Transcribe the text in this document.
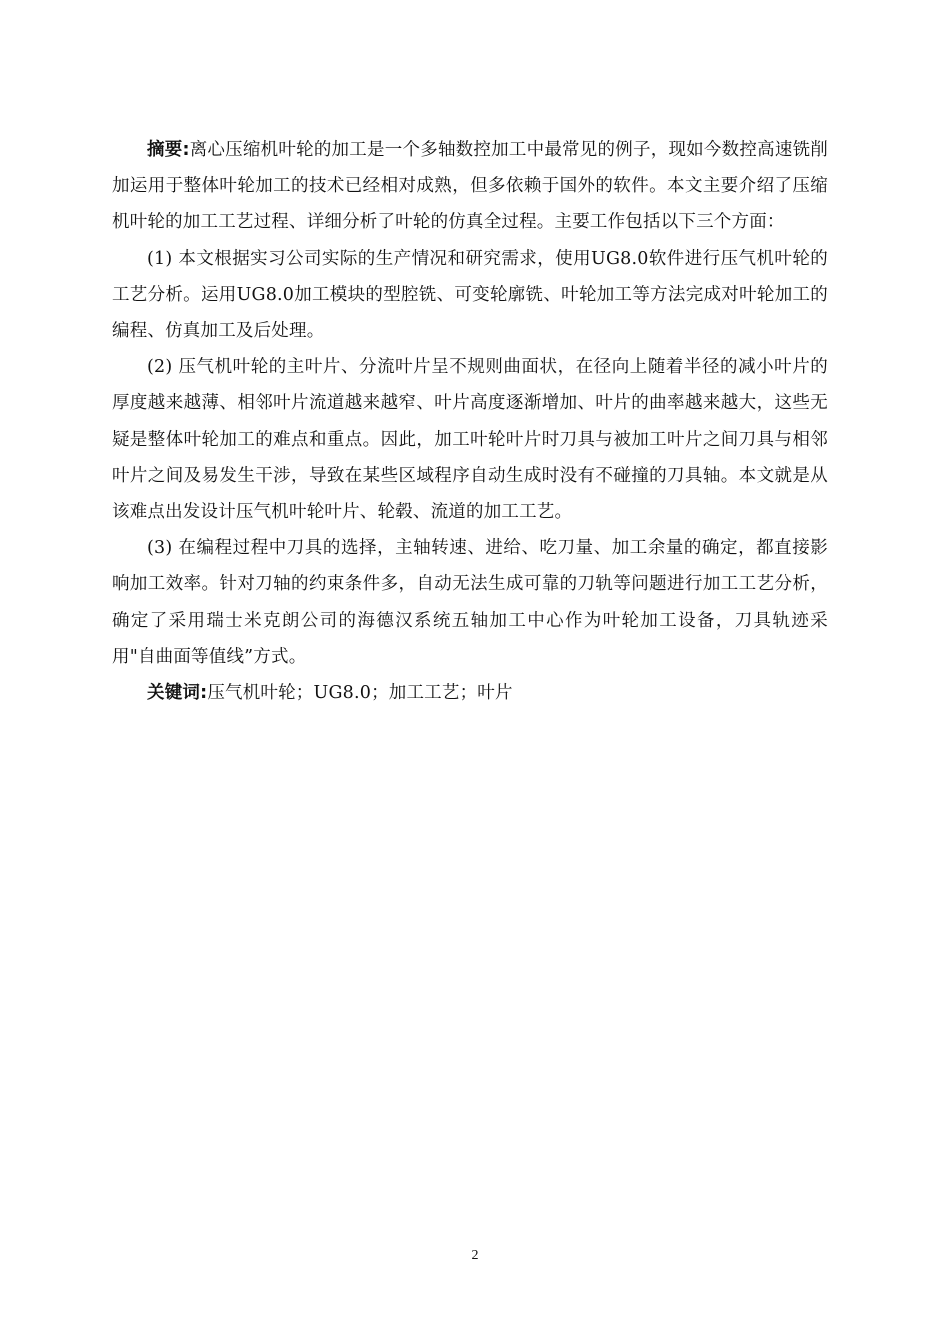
摘要:离心压缩机叶轮的加工是一个多轴数控加工中最常见的例子，现如今数控高速铣削加运用于整体叶轮加工的技术已经相对成熟，但多依赖于国外的软件。本文主要介绍了压缩机叶轮的加工工艺过程、详细分析了叶轮的仿真全过程。主要工作包括以下三个方面：

(1) 本文根据实习公司实际的生产情况和研究需求，使用UG8.0软件进行压气机叶轮的工艺分析。运用UG8.0加工模块的型腔铣、可变轮廓铣、叶轮加工等方法完成对叶轮加工的编程、仿真加工及后处理。

(2) 压气机叶轮的主叶片、分流叶片呈不规则曲面状，在径向上随着半径的减小叶片的厚度越来越薄、相邻叶片流道越来越窄、叶片高度逐渐增加、叶片的曲率越来越大，这些无疑是整体叶轮加工的难点和重点。因此，加工叶轮叶片时刀具与被加工叶片之间刀具与相邻叶片之间及易发生干涉，导致在某些区域程序自动生成时没有不碰撞的刀具轴。本文就是从该难点出发设计压气机叶轮叶片、轮毂、流道的加工工艺。

(3) 在编程过程中刀具的选择，主轴转速、进给、吃刀量、加工余量的确定，都直接影响加工效率。针对刀轴的约束条件多，自动无法生成可靠的刀轨等问题进行加工工艺分析，确定了采用瑞士米克朗公司的海德汉系统五轴加工中心作为叶轮加工设备，刀具轨迹采用"自曲面等值线”方式。

关键词:压气机叶轮；UG8.0；加工工艺；叶片

2
